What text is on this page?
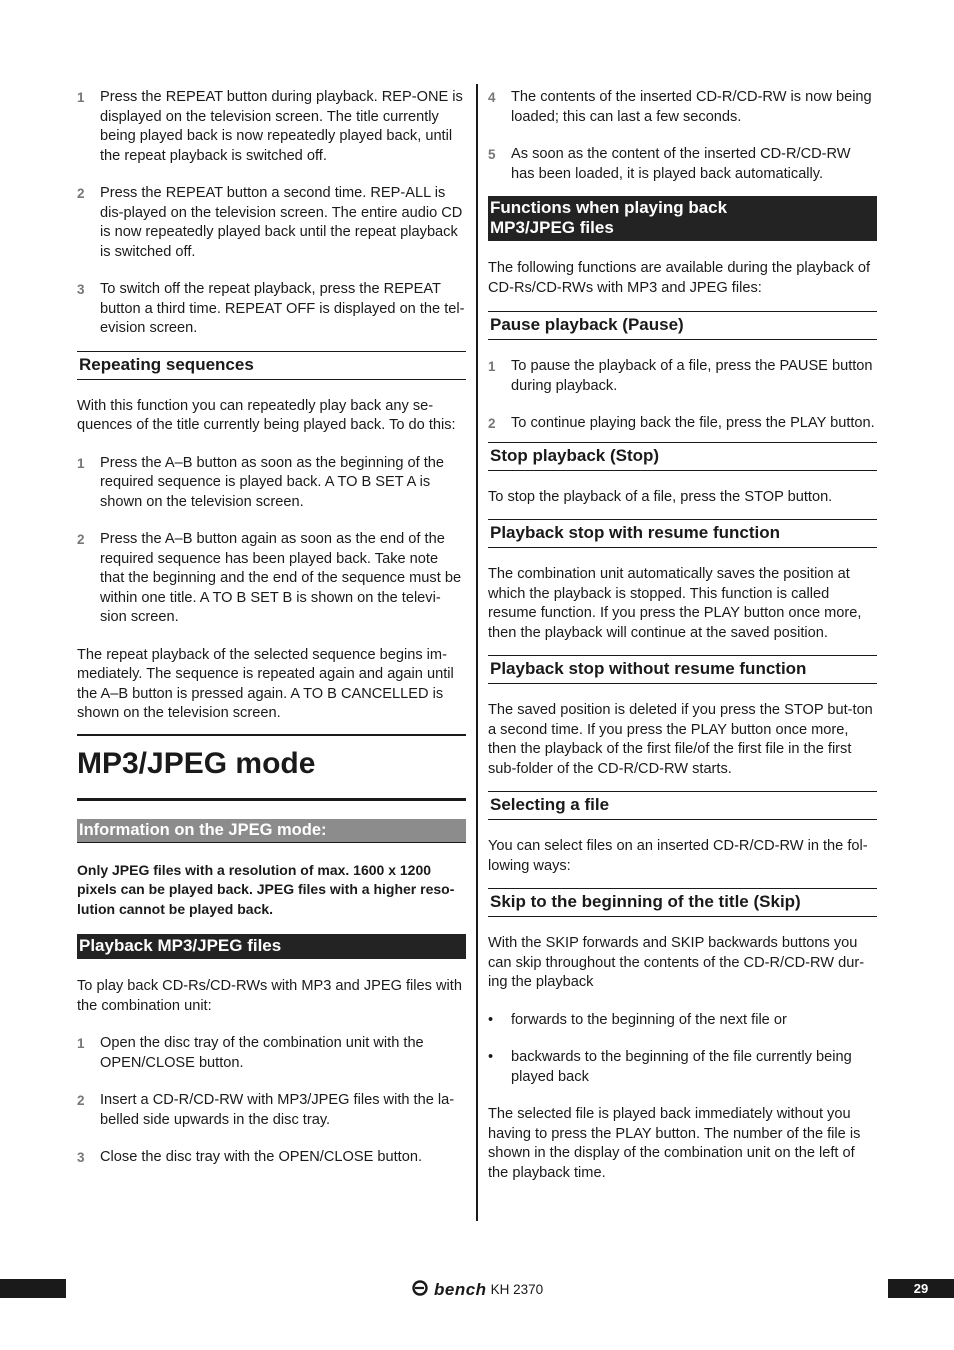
1 Press the REPEAT button during playback. REP-ONE is displayed on the television screen. The title currently being played back is now repeatedly played back, until the repeat playback is switched off.
2 Press the REPEAT button a second time. REP-ALL is dis-played on the television screen. The entire audio CD is now repeatedly played back until the repeat playback is switched off.
3 To switch off the repeat playback, press the REPEAT button a third time. REPEAT OFF is displayed on the tel-evision screen.
Repeating sequences

With this function you can repeatedly play back any se-quences of the title currently being played back. To do this:

1 Press the A–B button as soon as the beginning of the required sequence is played back. A TO B SET A is shown on the television screen.
2 Press the A–B button again as soon as the end of the required sequence has been played back. Take note that the beginning and the end of the sequence must be within one title. A TO B SET B is shown on the televi-sion screen.

The repeat playback of the selected sequence begins im-mediately. The sequence is repeated again and again until the A–B button is pressed again. A TO B CANCELLED is shown on the television screen.

MP3/JPEG mode
Information on the JPEG mode:

Only JPEG files with a resolution of max. 1600 x 1200 pixels can be played back. JPEG files with a higher reso-lution cannot be played back.

Playback MP3/JPEG files

To play back CD-Rs/CD-RWs with MP3 and JPEG files with the combination unit:

1 Open the disc tray of the combination unit with the OPEN/CLOSE button.
2 Insert a CD-R/CD-RW with MP3/JPEG files with the la-belled side upwards in the disc tray.
3 Close the disc tray with the OPEN/CLOSE button.
4 The contents of the inserted CD-R/CD-RW is now being loaded; this can last a few seconds.
5 As soon as the content of the inserted CD-R/CD-RW has been loaded, it is played back automatically.
Functions when playing back
MP3/JPEG files

The following functions are available during the playback of CD-Rs/CD-RWs with MP3 and JPEG files:

Pause playback (Pause)
1 To pause the playback of a file, press the PAUSE button during playback.
2 To continue playing back the file, press the PLAY button.
Stop playback (Stop)

To stop the playback of a file, press the STOP button.

Playback stop with resume function

The combination unit automatically saves the position at which the playback is stopped. This function is called resume function. If you press the PLAY button once more, then the playback will continue at the saved position.

Playback stop without resume function

The saved position is deleted if you press the STOP but-ton a second time. If you press the PLAY button once more, then the playback of the first file/of the first file in the first sub-folder of the CD-R/CD-RW starts.

Selecting a file

You can select files on an inserted CD-R/CD-RW in the fol-lowing ways:

Skip to the beginning of the title (Skip)

With the SKIP forwards and SKIP backwards buttons you can skip throughout the contents of the CD-R/CD-RW dur-ing the playback

• forwards to the beginning of the next file or
• backwards to the beginning of the file currently being played back

The selected file is played back immediately without you having to press the PLAY button. The number of the file is shown in the display of the combination unit on the left of the playback time.

bench KH 2370	29
